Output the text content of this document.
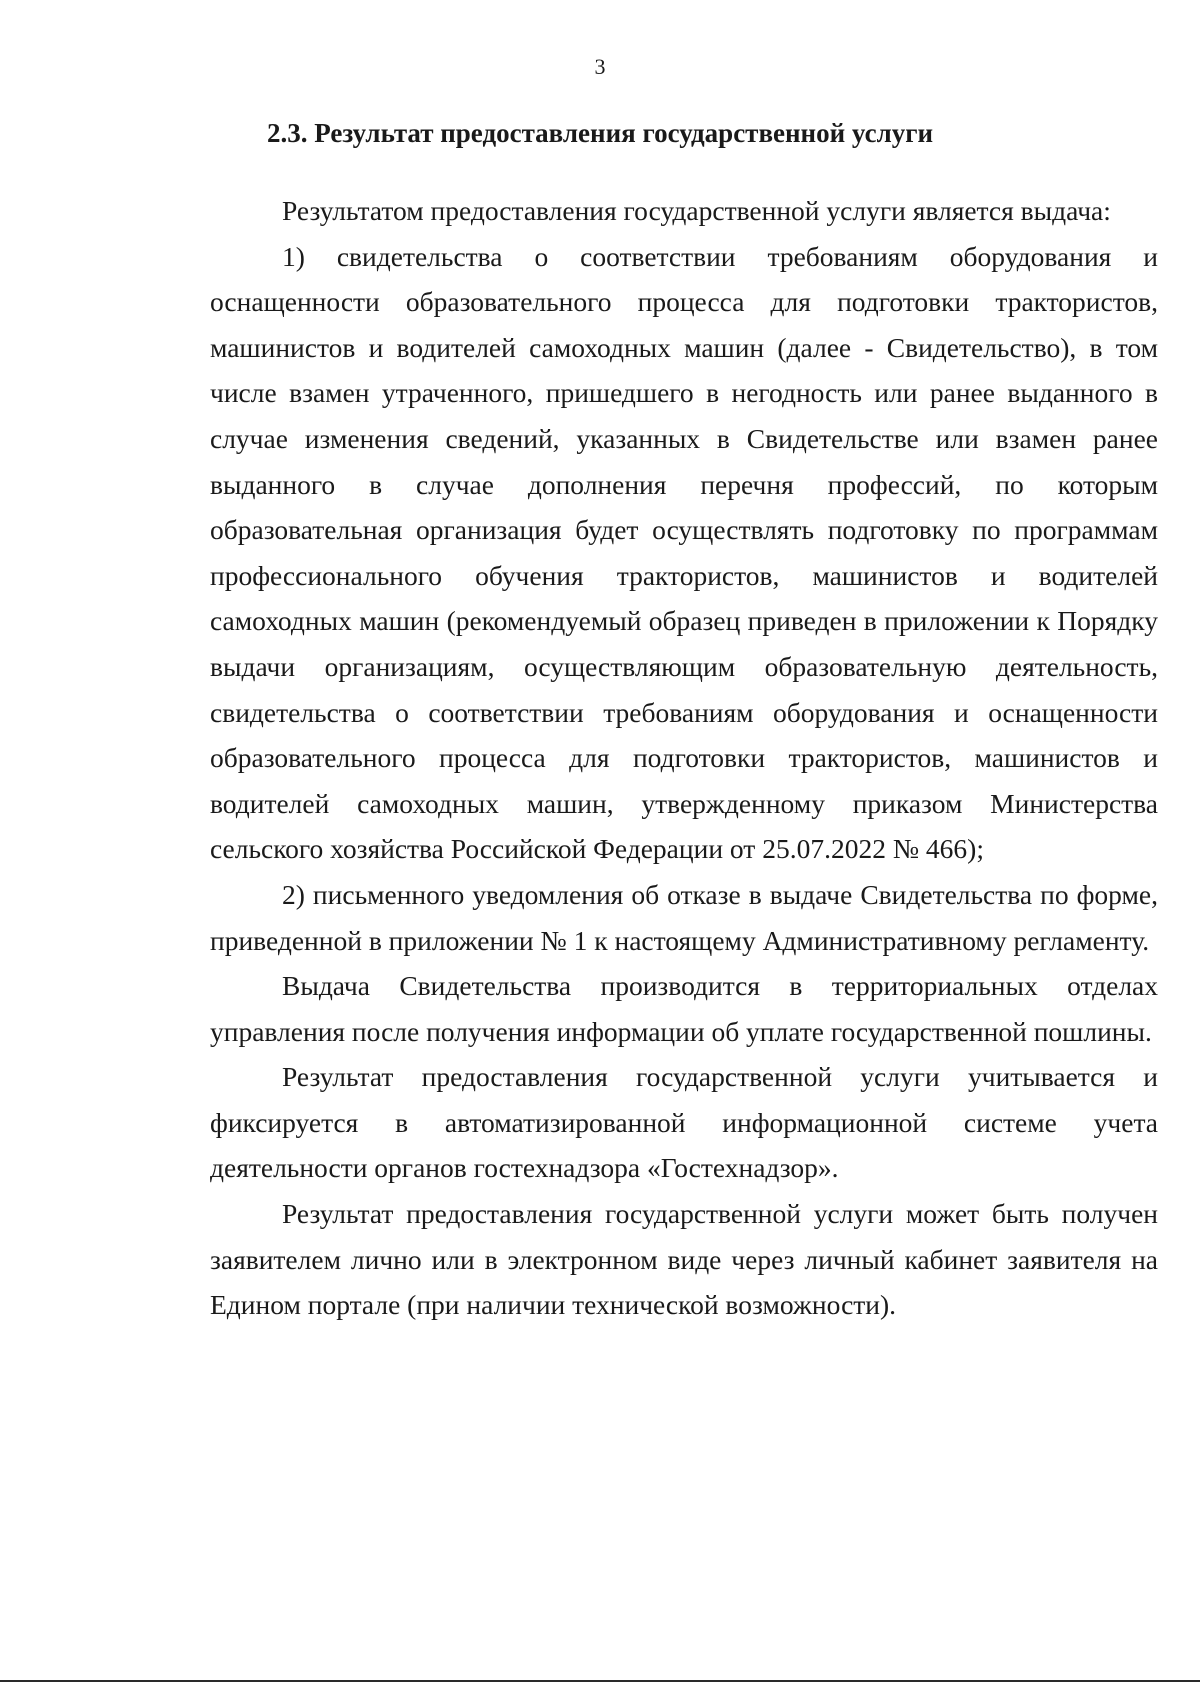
3

2.3. Результат предоставления государственной услуги

Результатом предоставления государственной услуги является выдача:

1) свидетельства о соответствии требованиям оборудования и оснащенности образовательного процесса для подготовки трактористов, машинистов и водителей самоходных машин (далее - Свидетельство), в том числе взамен утраченного, пришедшего в негодность или ранее выданного в случае изменения сведений, указанных в Свидетельстве или взамен ранее выданного в случае дополнения перечня профессий, по которым образовательная организация будет осуществлять подготовку по программам профессионального обучения трактористов, машинистов и водителей самоходных машин (рекомендуемый образец приведен в приложении к Порядку выдачи организациям, осуществляющим образовательную деятельность, свидетельства о соответствии требованиям оборудования и оснащенности образовательного процесса для подготовки трактористов, машинистов и водителей самоходных машин, утвержденному приказом Министерства сельского хозяйства Российской Федерации от 25.07.2022 № 466);

2) письменного уведомления об отказе в выдаче Свидетельства по форме, приведенной в приложении № 1 к настоящему Административному регламенту.

Выдача Свидетельства производится в территориальных отделах управления после получения информации об уплате государственной пошлины.

Результат предоставления государственной услуги учитывается и фиксируется в автоматизированной информационной системе учета деятельности органов гостехнадзора «Гостехнадзор».

Результат предоставления государственной услуги может быть получен заявителем лично или в электронном виде через личный кабинет заявителя на Едином портале (при наличии технической возможности).
